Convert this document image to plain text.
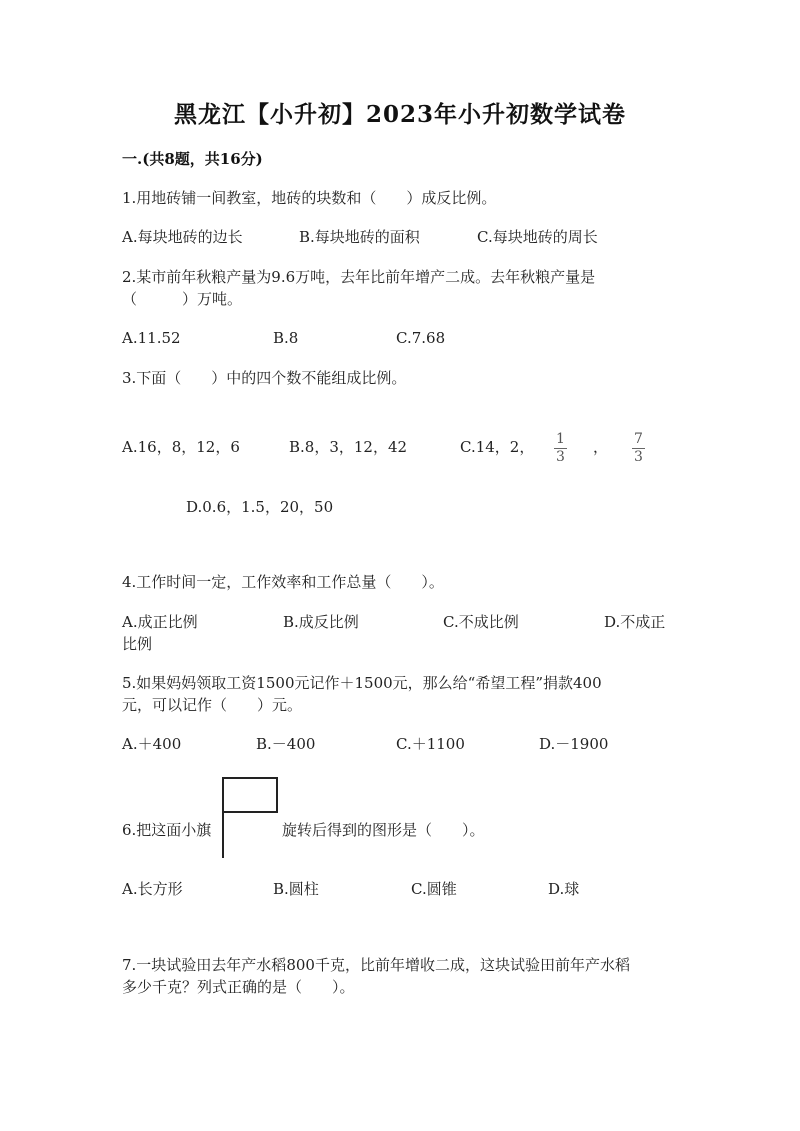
黑龙江【小升初】2023年小升初数学试卷
一.(共8题，共16分)
1.用地砖铺一间教室，地砖的块数和（　　）成反比例。
A.每块地砖的边长	B.每块地砖的面积	C.每块地砖的周长
2.某市前年秋粮产量为9.6万吨，去年比前年增产二成。去年秋粮产量是
（　　　）万吨。
A.11.52	B.8	C.7.68
3.下面（　　）中的四个数不能组成比例。
A.16，8，12，6	B.8，3，12，42	C.14，2， 1
3
， 7
3
D.0.6，1.5，20，50
4.工作时间一定，工作效率和工作总量（　　）。
A.成正比例	B.成反比例	C.不成比例	D.不成正
比例
5.如果妈妈领取工资1500元记作＋1500元，那么给“希望工程”捐款400
元，可以记作（　　）元。
A.＋400	B.－400	C.＋1100	D.－1900
6.把这面小旗	旋转后得到的图形是（　　）。
A.长方形	B.圆柱	C.圆锥	D.球
7.一块试验田去年产水稻800千克，比前年增收二成，这块试验田前年产水稻
多少千克？列式正确的是（　　）。
